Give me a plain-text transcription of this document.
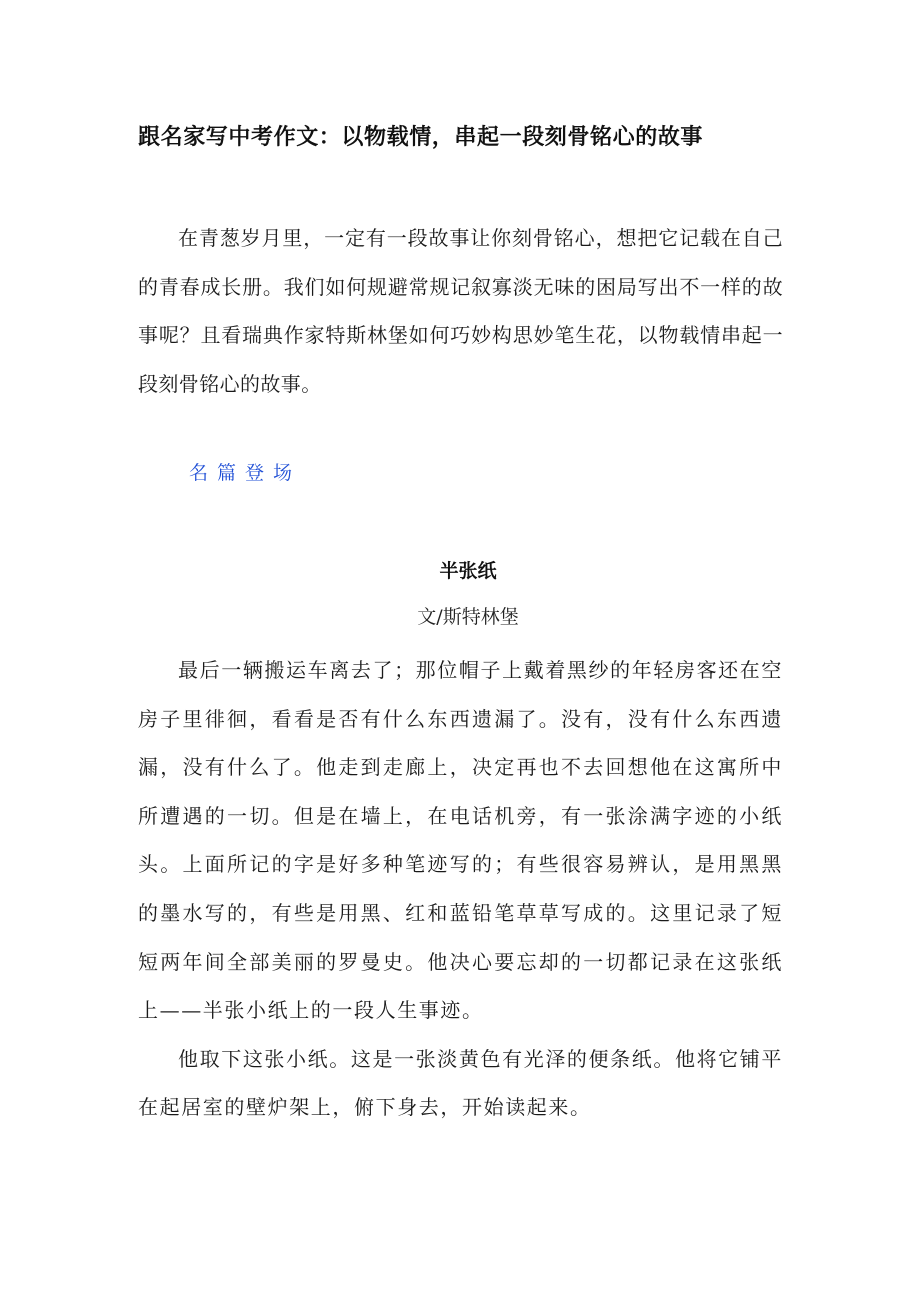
跟名家写中考作文：以物载情，串起一段刻骨铭心的故事

在青葱岁月里，一定有一段故事让你刻骨铭心，想把它记载在自己的青春成长册。我们如何规避常规记叙寡淡无味的困局写出不一样的故事呢？且看瑞典作家特斯林堡如何巧妙构思妙笔生花，以物载情串起一段刻骨铭心的故事。

名篇登场
半张纸
文/斯特林堡

最后一辆搬运车离去了；那位帽子上戴着黑纱的年轻房客还在空房子里徘徊，看看是否有什么东西遗漏了。没有，没有什么东西遗漏，没有什么了。他走到走廊上，决定再也不去回想他在这寓所中所遭遇的一切。但是在墙上，在电话机旁，有一张涂满字迹的小纸头。上面所记的字是好多种笔迹写的；有些很容易辨认，是用黑黑的墨水写的，有些是用黑、红和蓝铅笔草草写成的。这里记录了短短两年间全部美丽的罗曼史。他决心要忘却的一切都记录在这张纸上——半张小纸上的一段人生事迹。

他取下这张小纸。这是一张淡黄色有光泽的便条纸。他将它铺平在起居室的壁炉架上，俯下身去，开始读起来。
